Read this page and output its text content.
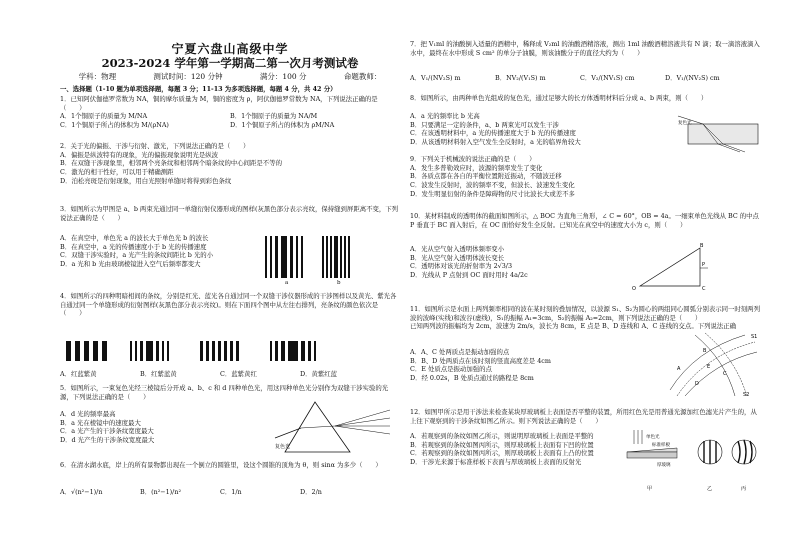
宁夏六盘山高级中学
2023-2024 学年第一学期高二第一次月考测试卷
学科：物理	测试时间：120 分钟	满分：100 分	命题教师：
一、选择题（1-10 题为单项选择题，每题 3 分；11-13 为多项选择题，每题 4 分，共 42 分）
1．已知阿伏伽德罗常数为 NA，铜的摩尔质量为 M，铜的密度为 ρ，阿伏伽德罗常数为 NA，下列说法正确的是（　　）
A．1个铜原子的质量为 M/NA	B．1个铜原子的质量为 NA/M
C．1个铜原子所占的体积为 M/(ρNA)	D．1个铜原子所占的体积为 ρM/NA
2．关于光的偏振、干涉与衍射、激光，下列说法正确的是（　　）
A．偏振是纵波特有的现象，光的偏振现象说明光是纵波
B．在双缝干涉现象里，相邻两个亮条纹和相邻两个暗条纹的中心间距是不等的
C．激光的相干性好，可以用于精确测距
D．泊松亮斑是衍射现象，用白光照射单缝时将得到彩色条纹
3．如图所示为甲图是 a、b 两束光通过同一单缝衍射仪器形成的图样(灰黑色部分表示亮纹，保持缝到屏距离不变，下列说法正确的是（　　）
A．在真空中，单色光 a 的波长大于单色光 b 的波长
B．在真空中，a 光的传播速度小于 b 光的传播速度
C．双缝干涉实验时，a 光产生的条纹间距比 b 光的小
D．a 光和 b 光由玻璃棱镜进入空气后频率都变大
a	b
4．如图所示的四种明暗相间的条纹，分别是红光、蓝光各自通过同一个双缝干涉仪器形成的干涉图样以及黄光、紫光各自通过同一个单缝形成的衍射图样(灰黑色部分表示亮纹)。则在下面四个图中从左往右排列，亮条纹的颜色依次是（　　）
A．红蓝紫黄	B．红紫蓝黄	C．蓝紫黄红	D．黄紫红蓝
5．如图所示，一束复色光经三棱镜后分开成 a、b、c 和 d 四种单色光，用这四种单色光分别作为双缝干涉实验的光源，下列说法正确的是（　　）
A．d 光的频率最高
B．a 光在棱镜中的速度最大
C．a 光产生的干涉条纹宽度最大
D．d 光产生的干涉条纹宽度最大
复色光
6．在清水湖水底，岸上的所有景物都出现在一个倒立的圆锥里，设这个圆锥的顶角为 θ，则 sinα 为多少（　　）
A．√(n²−1)/n	B．(n²−1)/n²	C．1/n	D．2/n
7．把 V₁ml 的油酸倒入适量的酒精中，稀释成 V₂ml 的油酸酒精溶液，测出 1ml 油酸酒精溶液共有 N 滴；取一滴溶液滴入水中，最终在水中形成 S cm² 的单分子油膜，则该油酸分子的直径大约为（　　）
A．V₁/(NV₂S) m	B．NV₂/(V₁S) m	C．V₂/(NV₁S) cm	D．V₁/(NV₂S) cm
8．如图所示，由两种单色光组成的复色光，通过足够大的长方体透明材料后分成 a、b 两束，则（　　）
A．a 光的频率比 b 光高
B．只要满足一定的条件，a、b 两束光可以发生干涉
C．在该透明材料中，a 光的传播速度大于 b 光的传播速度
D．从该透明材料射入空气发生全反射时，a 光的临界角较大
复色光
9．下列关于机械波的说法正确的是（　　）
A．发生多普勒效应时，波源的频率发生了变化
B．各质点都在各自的平衡位置附近振动，不随波迁移
C．波发生反射时，波的频率不变，但波长、波速发生变化
D．发生明显衍射的条件是障碍物的尺寸比波长大或差不多
10．某材料制成的透明体的截面如图所示，△ BOC 为直角三角形，∠ C = 60°，OB = 4a。一细束单色光线从 BC 的中点 P 垂直于 BC 面入射后，在 OC 面恰好发生全反射。已知光在真空中的速度大小为 c，则（　　）
A．光从空气射入透明体频率变小
B．光从空气射入透明体波长变长
C．透明体对该光的折射率为 2√3/3
D．光线从 P 点射到 OC 面时用时 4a/2c
B
P
C
O
11．如图所示是水面上两列频率相同的波在某时刻的叠加情况，以波源 S₁、S₂为圆心的两组同心圆弧分别表示同一时刻两列波的波峰(实线)和波谷(虚线)，S₁的振幅 A₁=3cm，S₂的振幅 A₂=2cm，则下列说法正确的是（　　）
已知两列波的振幅均为 2cm，波速为 2m/s，波长为 8cm，E 点是 B、D 连线和 A、C 连线的交点。下列说法正确
A．A、C 处两质点是振动加强的点
B．B、D 处两质点在该时刻的竖直高度差是 4cm
C．E 处质点是振动加强的点
D．经 0.02s，B 处质点通过的路程是 8cm
S1
S2
A
B
C
D
E
12．如图甲所示是用干涉法来检查某块厚玻璃板上表面是否平整的装置，所用红色光是用普通光源加红色滤光片产生的，从上往下观察到的干涉条纹如图乙所示。则下列说法正确的是（　　）
A．若观察到的条纹如图乙所示，则说明厚玻璃板上表面是平整的
B．若观察到的条纹如图丙所示，则厚玻璃板上表面有下凹的位置
C．若观察到的条纹如图丙所示，则厚玻璃板上表面有上凸的位置
D．干涉光来源于标准样板下表面与厚玻璃板上表面的反射光
单色光
标准样板
厚玻璃
甲	乙	丙
